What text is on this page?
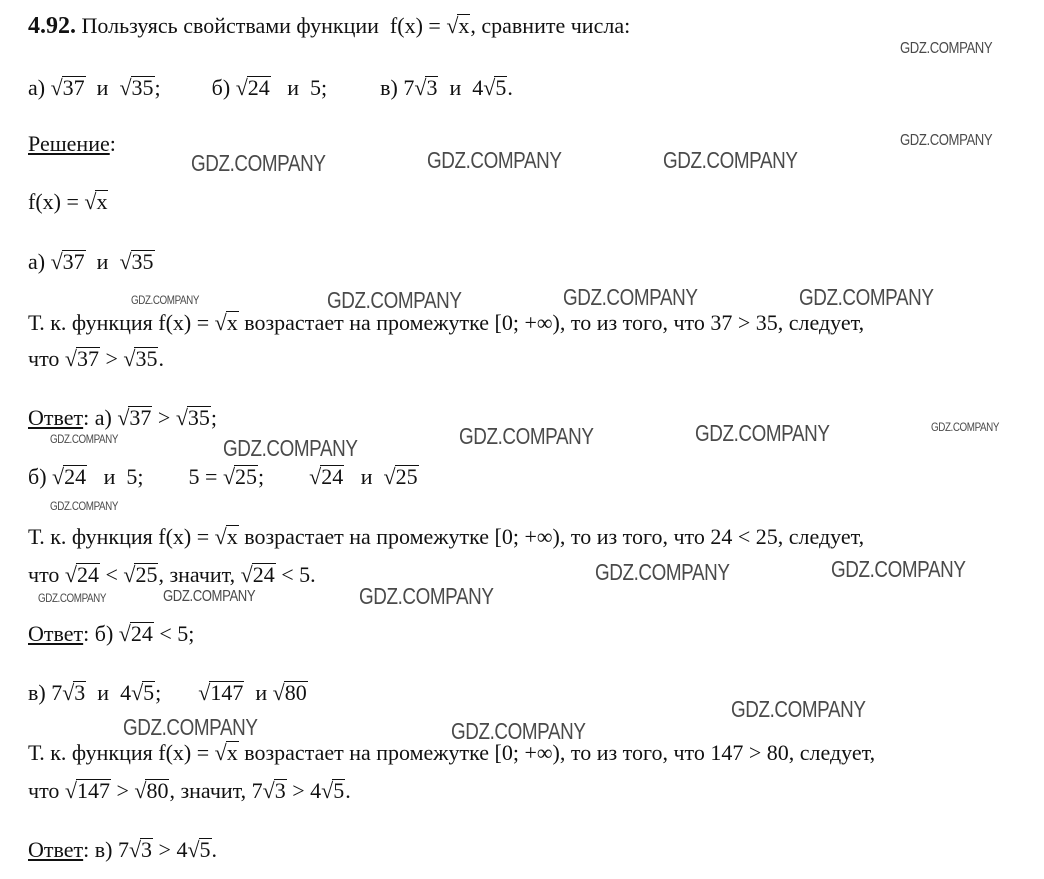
4.92. Пользуясь свойствами функции f(x) = √x, сравните числа:
а) √37 и  √35; б) √24 и 5; в) 7√3 и 4√5.
Решение:
f(x) = √x
а) √37 и  √35
Т. к. функция f(x) = √x возрастает на промежутке [0; +∞), то из того, что 37 > 35, следует,
что √37 > √35.
Ответ: а) √37 > √35;
б) √24 и 5; 5 = √25;  √24 и  √25
Т. к. функция f(x) = √x возрастает на промежутке [0; +∞), то из того, что 24 < 25, следует,
что √24 < √25, значит, √24 < 5.
Ответ: б) √24 < 5;
в) 7√3 и 4√5;  √147 и √80
Т. к. функция f(x) = √x возрастает на промежутке [0; +∞), то из того, что 147 > 80, следует,
что √147 > √80, значит, 7√3 > 4√5.
Ответ: в) 7√3 > 4√5.
GDZ.COMPANY
GDZ.COMPANY
GDZ.COMPANY	GDZ.COMPANY	GDZ.COMPANY
GDZ.COMPANY	GDZ.COMPANY	GDZ.COMPANY	GDZ.COMPANY
GDZ.COMPANY	GDZ.COMPANY	GDZ.COMPANY	GDZ.COMPANY	GDZ.COMPANY
GDZ.COMPANY
GDZ.COMPANY	GDZ.COMPANY
GDZ.COMPANY	GDZ.COMPANY	GDZ.COMPANY
GDZ.COMPANY
GDZ.COMPANY	GDZ.COMPANY
